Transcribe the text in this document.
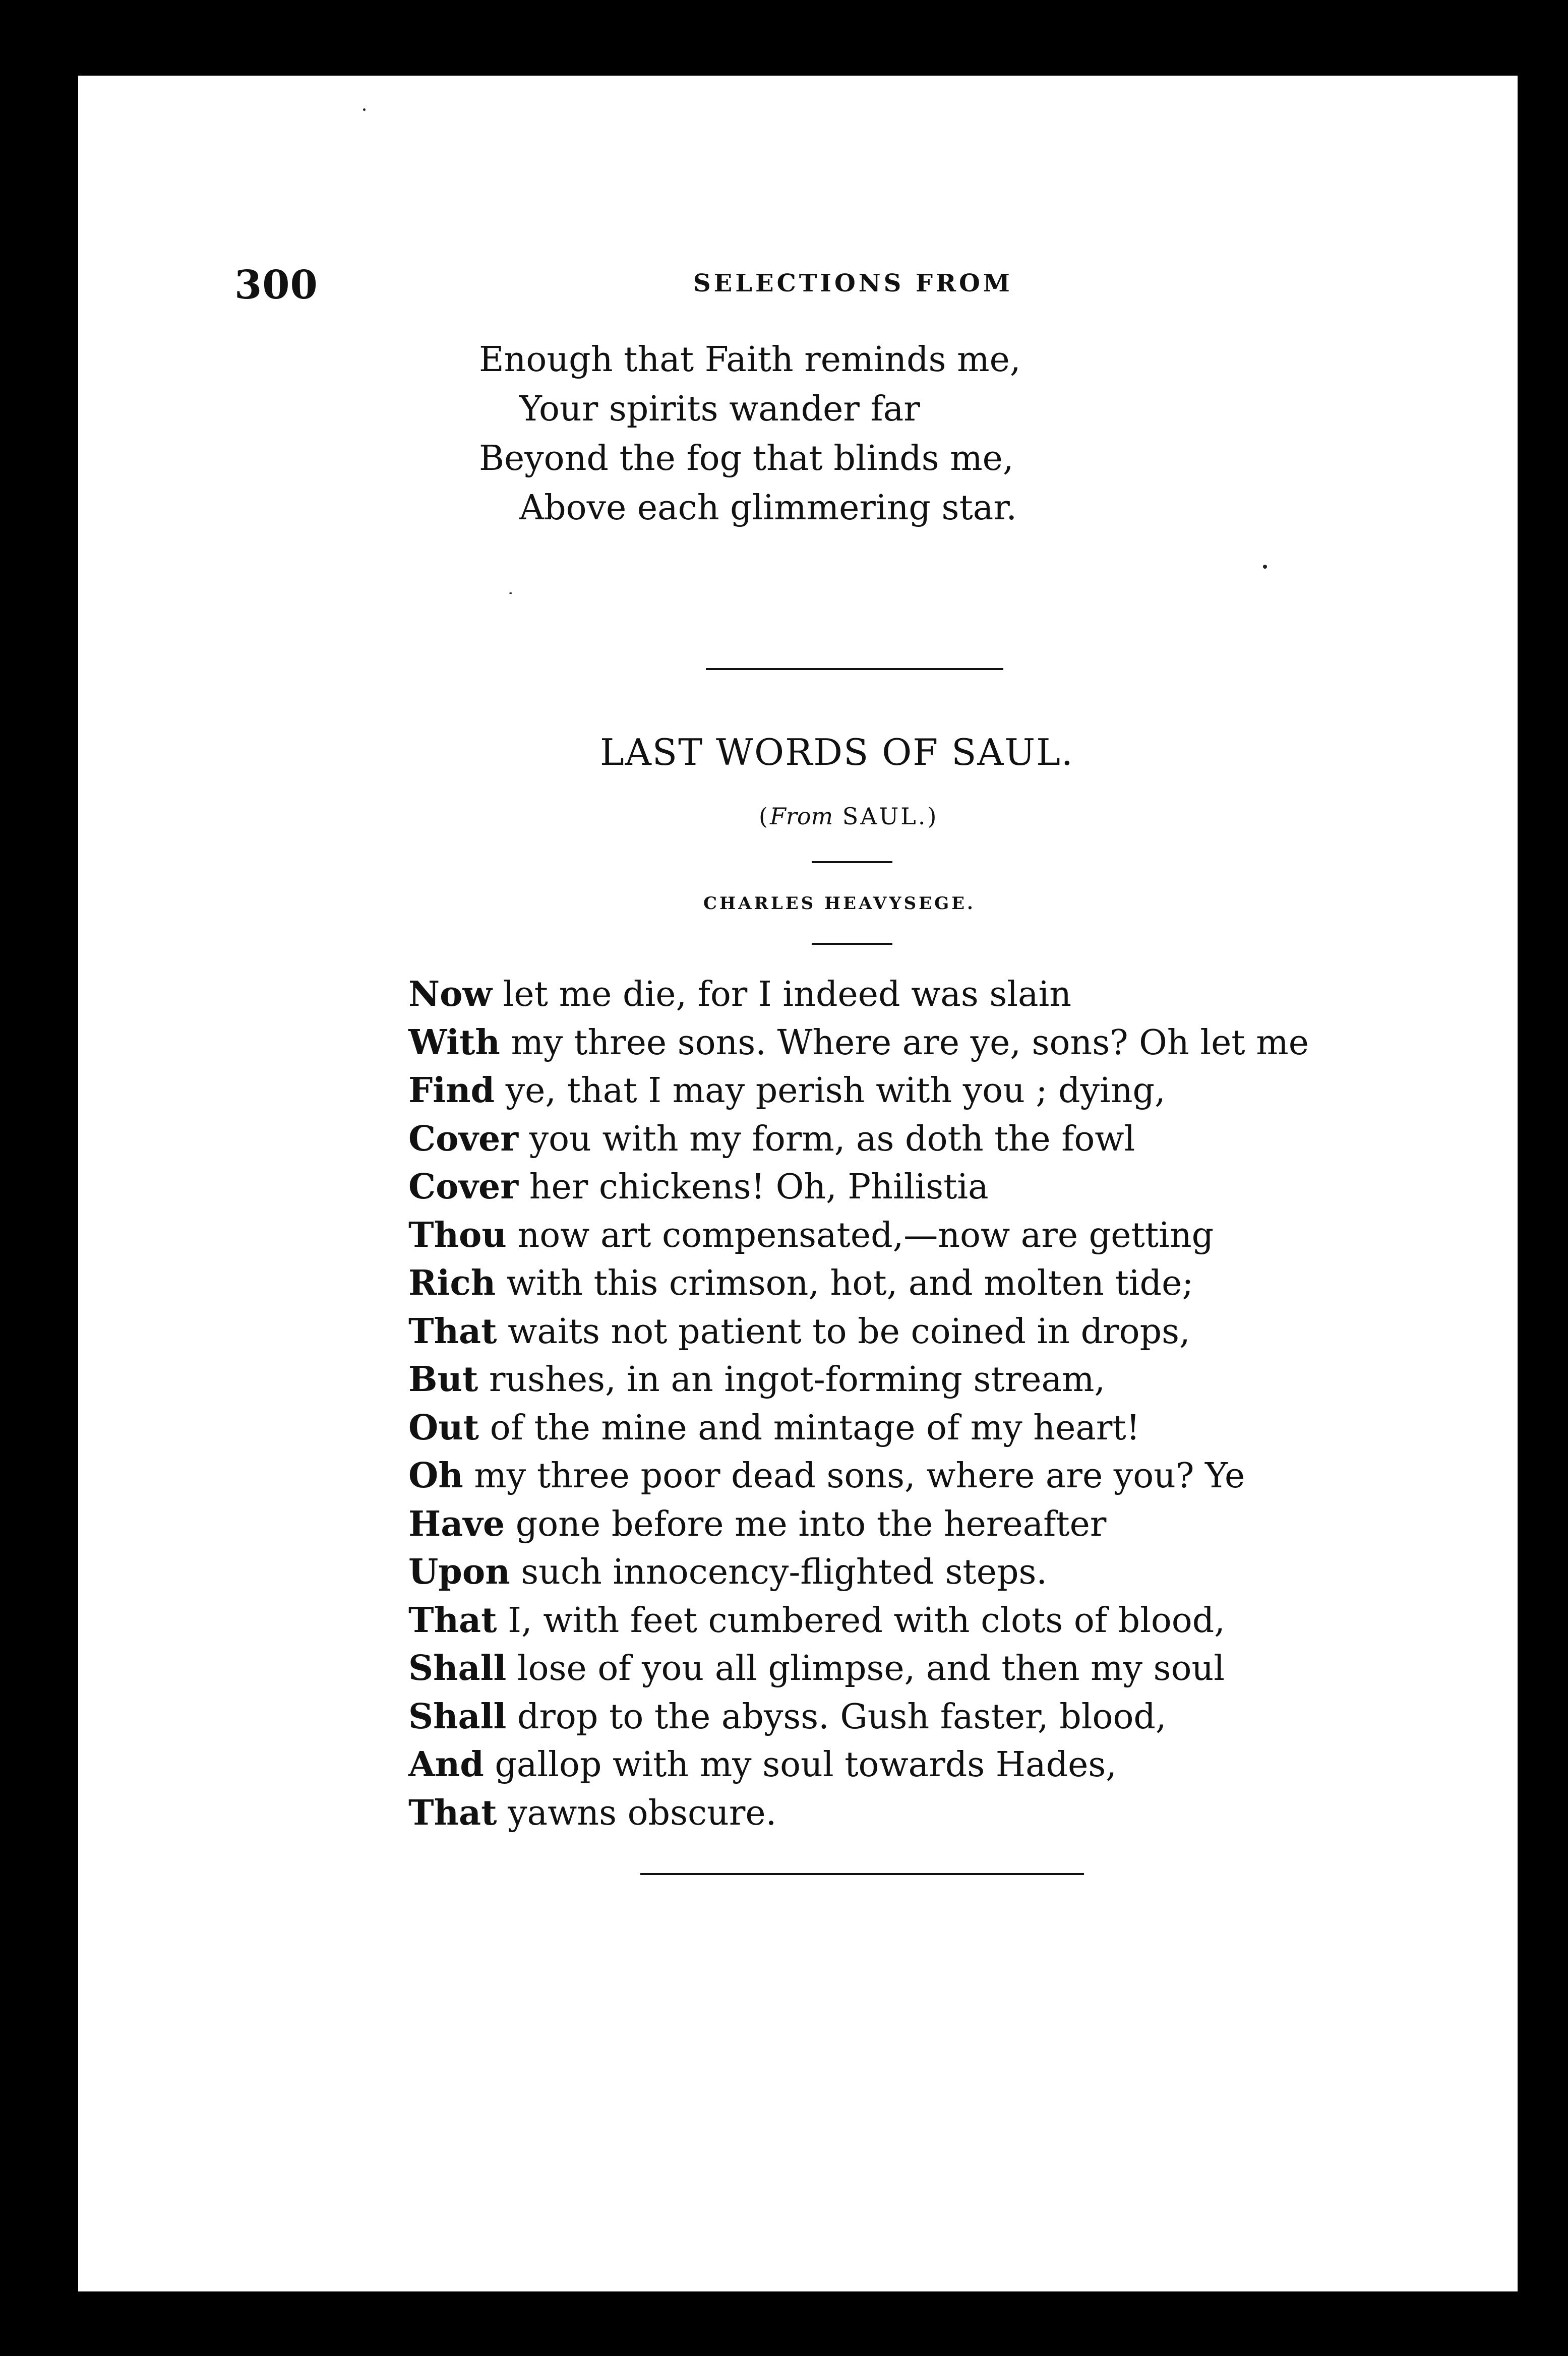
300	SELECTIONS FROM
Enough that Faith reminds me,
Your spirits wander far
Beyond the fog that blinds me,
Above each glimmering star.
LAST WORDS OF SAUL.
(From SAUL.)
CHARLES HEAVYSEGE.
Now let me die, for I indeed was slain
With my three sons. Where are ye, sons? Oh let me
Find ye, that I may perish with you ; dying,
Cover you with my form, as doth the fowl
Cover her chickens! Oh, Philistia
Thou now art compensated,—now are getting
Rich with this crimson, hot, and molten tide;
That waits not patient to be coined in drops,
But rushes, in an ingot-forming stream,
Out of the mine and mintage of my heart!
Oh my three poor dead sons, where are you? Ye
Have gone before me into the hereafter
Upon such innocency-flighted steps.
That I, with feet cumbered with clots of blood,
Shall lose of you all glimpse, and then my soul
Shall drop to the abyss. Gush faster, blood,
And gallop with my soul towards Hades,
That yawns obscure.
